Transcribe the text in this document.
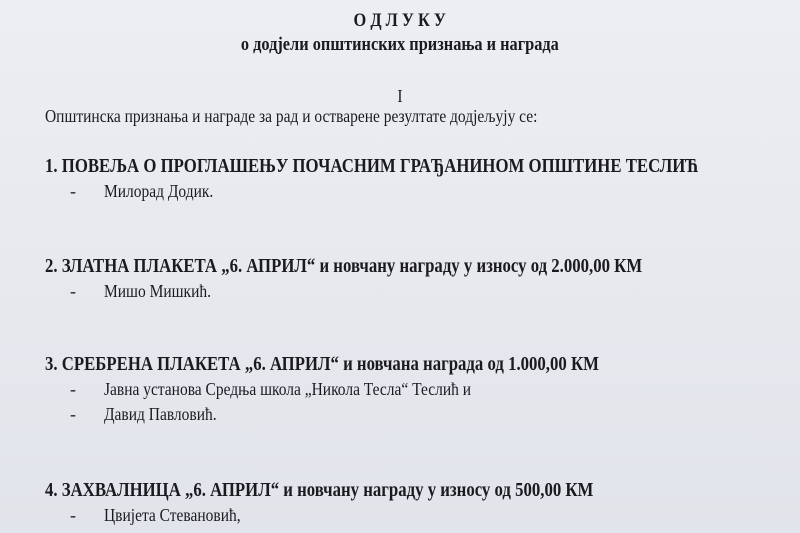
О Д Л У К У
о додјели општинских признања и награда
I
Општинска признања и награде за рад и остварене резултате додјељују се:
1. ПОВЕЉА О ПРОГЛАШЕЊУ ПОЧАСНИМ ГРАЂАНИНОМ ОПШТИНЕ ТЕСЛИЋ
- Милорад Додик.
2. ЗЛАТНА ПЛАКЕТА „6. АПРИЛ“ и новчану награду у износу од 2.000,00 КМ
- Мишо Мишкић.
3. СРЕБРЕНА ПЛАКЕТА „6. АПРИЛ“ и новчана награда од 1.000,00 КМ
- Јавна установа Средња школа „Никола Тесла“ Теслић и
- Давид Павловић.
4. ЗАХВАЛНИЦА „6. АПРИЛ“ и новчану награду у износу од 500,00 КМ
- Цвијета Стевановић,
